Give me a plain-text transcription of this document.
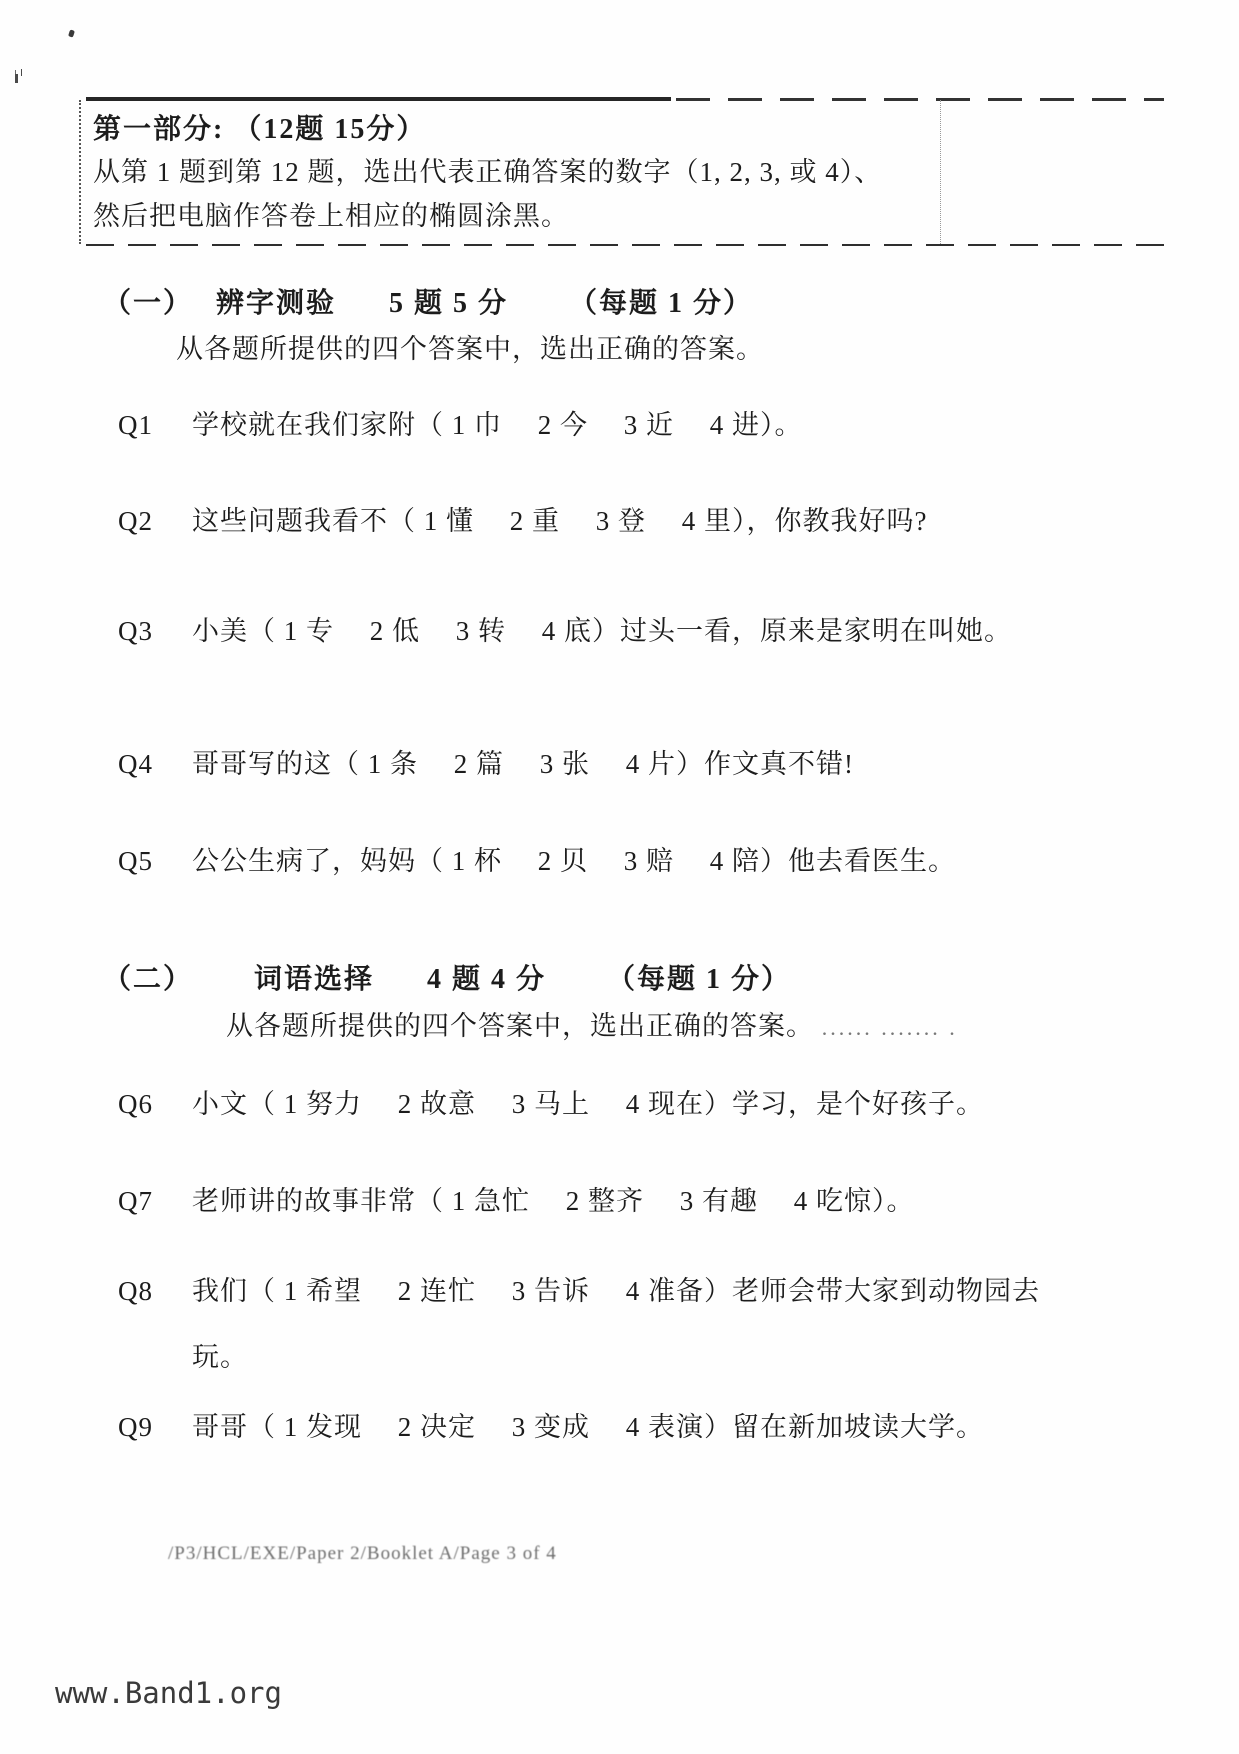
第一部分: （12题 15分）
从第 1 题到第 12 题，选出代表正确答案的数字（1, 2, 3, 或 4）、
然后把电脑作答卷上相应的椭圆涂黑。
（一） 辨字测验 5 题 5 分 （每题 1 分）
从各题所提供的四个答案中，选出正确的答案。
Q1	学校就在我们家附（ 1 巾　 2 今　 3 近　 4 进）。
Q2	这些问题我看不（ 1 懂　 2 重　 3 登　 4 里），你教我好吗?
Q3	小美（ 1 专　 2 低　 3 转　 4 底）过头一看，原来是家明在叫她。
Q4	哥哥写的这（ 1 条　 2 篇　 3 张　 4 片）作文真不错!
Q5	公公生病了，妈妈（ 1 杯　 2 贝　 3 赔　 4 陪）他去看医生。
（二） 词语选择 4 题 4 分 （每题 1 分）
从各题所提供的四个答案中，选出正确的答案。 ...... ....... .
Q6	小文（ 1 努力　 2 故意　 3 马上　 4 现在）学习，是个好孩子。
Q7	老师讲的故事非常（ 1 急忙　 2 整齐　 3 有趣　 4 吃惊）。
Q8	我们（ 1 希望　 2 连忙　 3 告诉　 4 准备）老师会带大家到动物园去玩。
Q9	哥哥（ 1 发现　 2 决定　 3 变成　 4 表演）留在新加坡读大学。
/P3/HCL/EXE/Paper 2/Booklet A/Page 3 of 4
www.Band1.org
